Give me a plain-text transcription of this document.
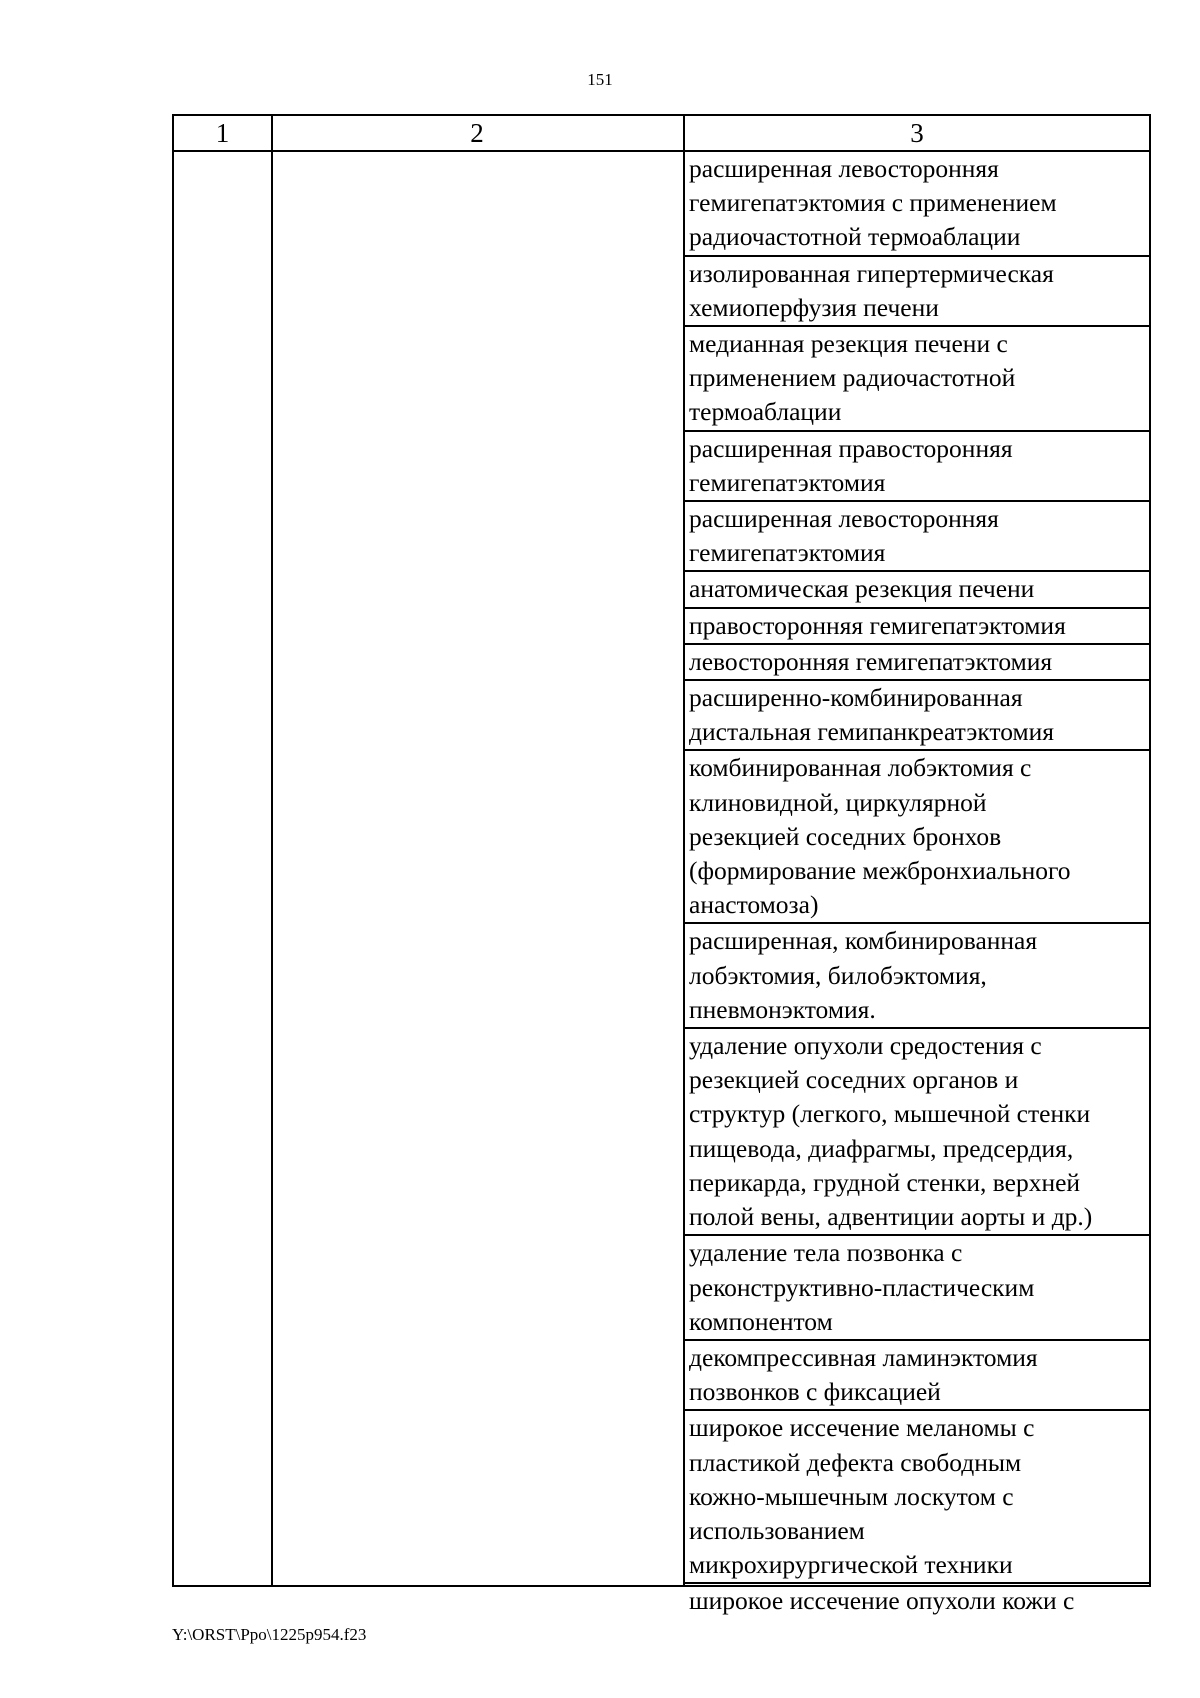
151
1	2	3
расширенная левосторонняя
гемигепатэктомия с применением
радиочастотной термоаблации
изолированная гипертермическая
хемиоперфузия печени
медианная резекция печени с
применением радиочастотной
термоаблации
расширенная правосторонняя
гемигепатэктомия
расширенная левосторонняя
гемигепатэктомия
анатомическая резекция печени
правосторонняя гемигепатэктомия
левосторонняя гемигепатэктомия
расширенно-комбинированная
дистальная гемипанкреатэктомия
комбинированная лобэктомия с
клиновидной, циркулярной
резекцией соседних бронхов
(формирование межбронхиального
анастомоза)
расширенная, комбинированная
лобэктомия, билобэктомия,
пневмонэктомия.
удаление опухоли средостения с
резекцией соседних органов и
структур (легкого, мышечной стенки
пищевода, диафрагмы, предсердия,
перикарда, грудной стенки, верхней
полой вены, адвентиции аорты и др.)
удаление тела позвонка с
реконструктивно-пластическим
компонентом
декомпрессивная ламинэктомия
позвонков с фиксацией
широкое иссечение меланомы с
пластикой дефекта свободным
кожно-мышечным лоскутом с
использованием
микрохирургической техники
широкое иссечение опухоли кожи с
Y:\ORST\Ppo\1225p954.f23
